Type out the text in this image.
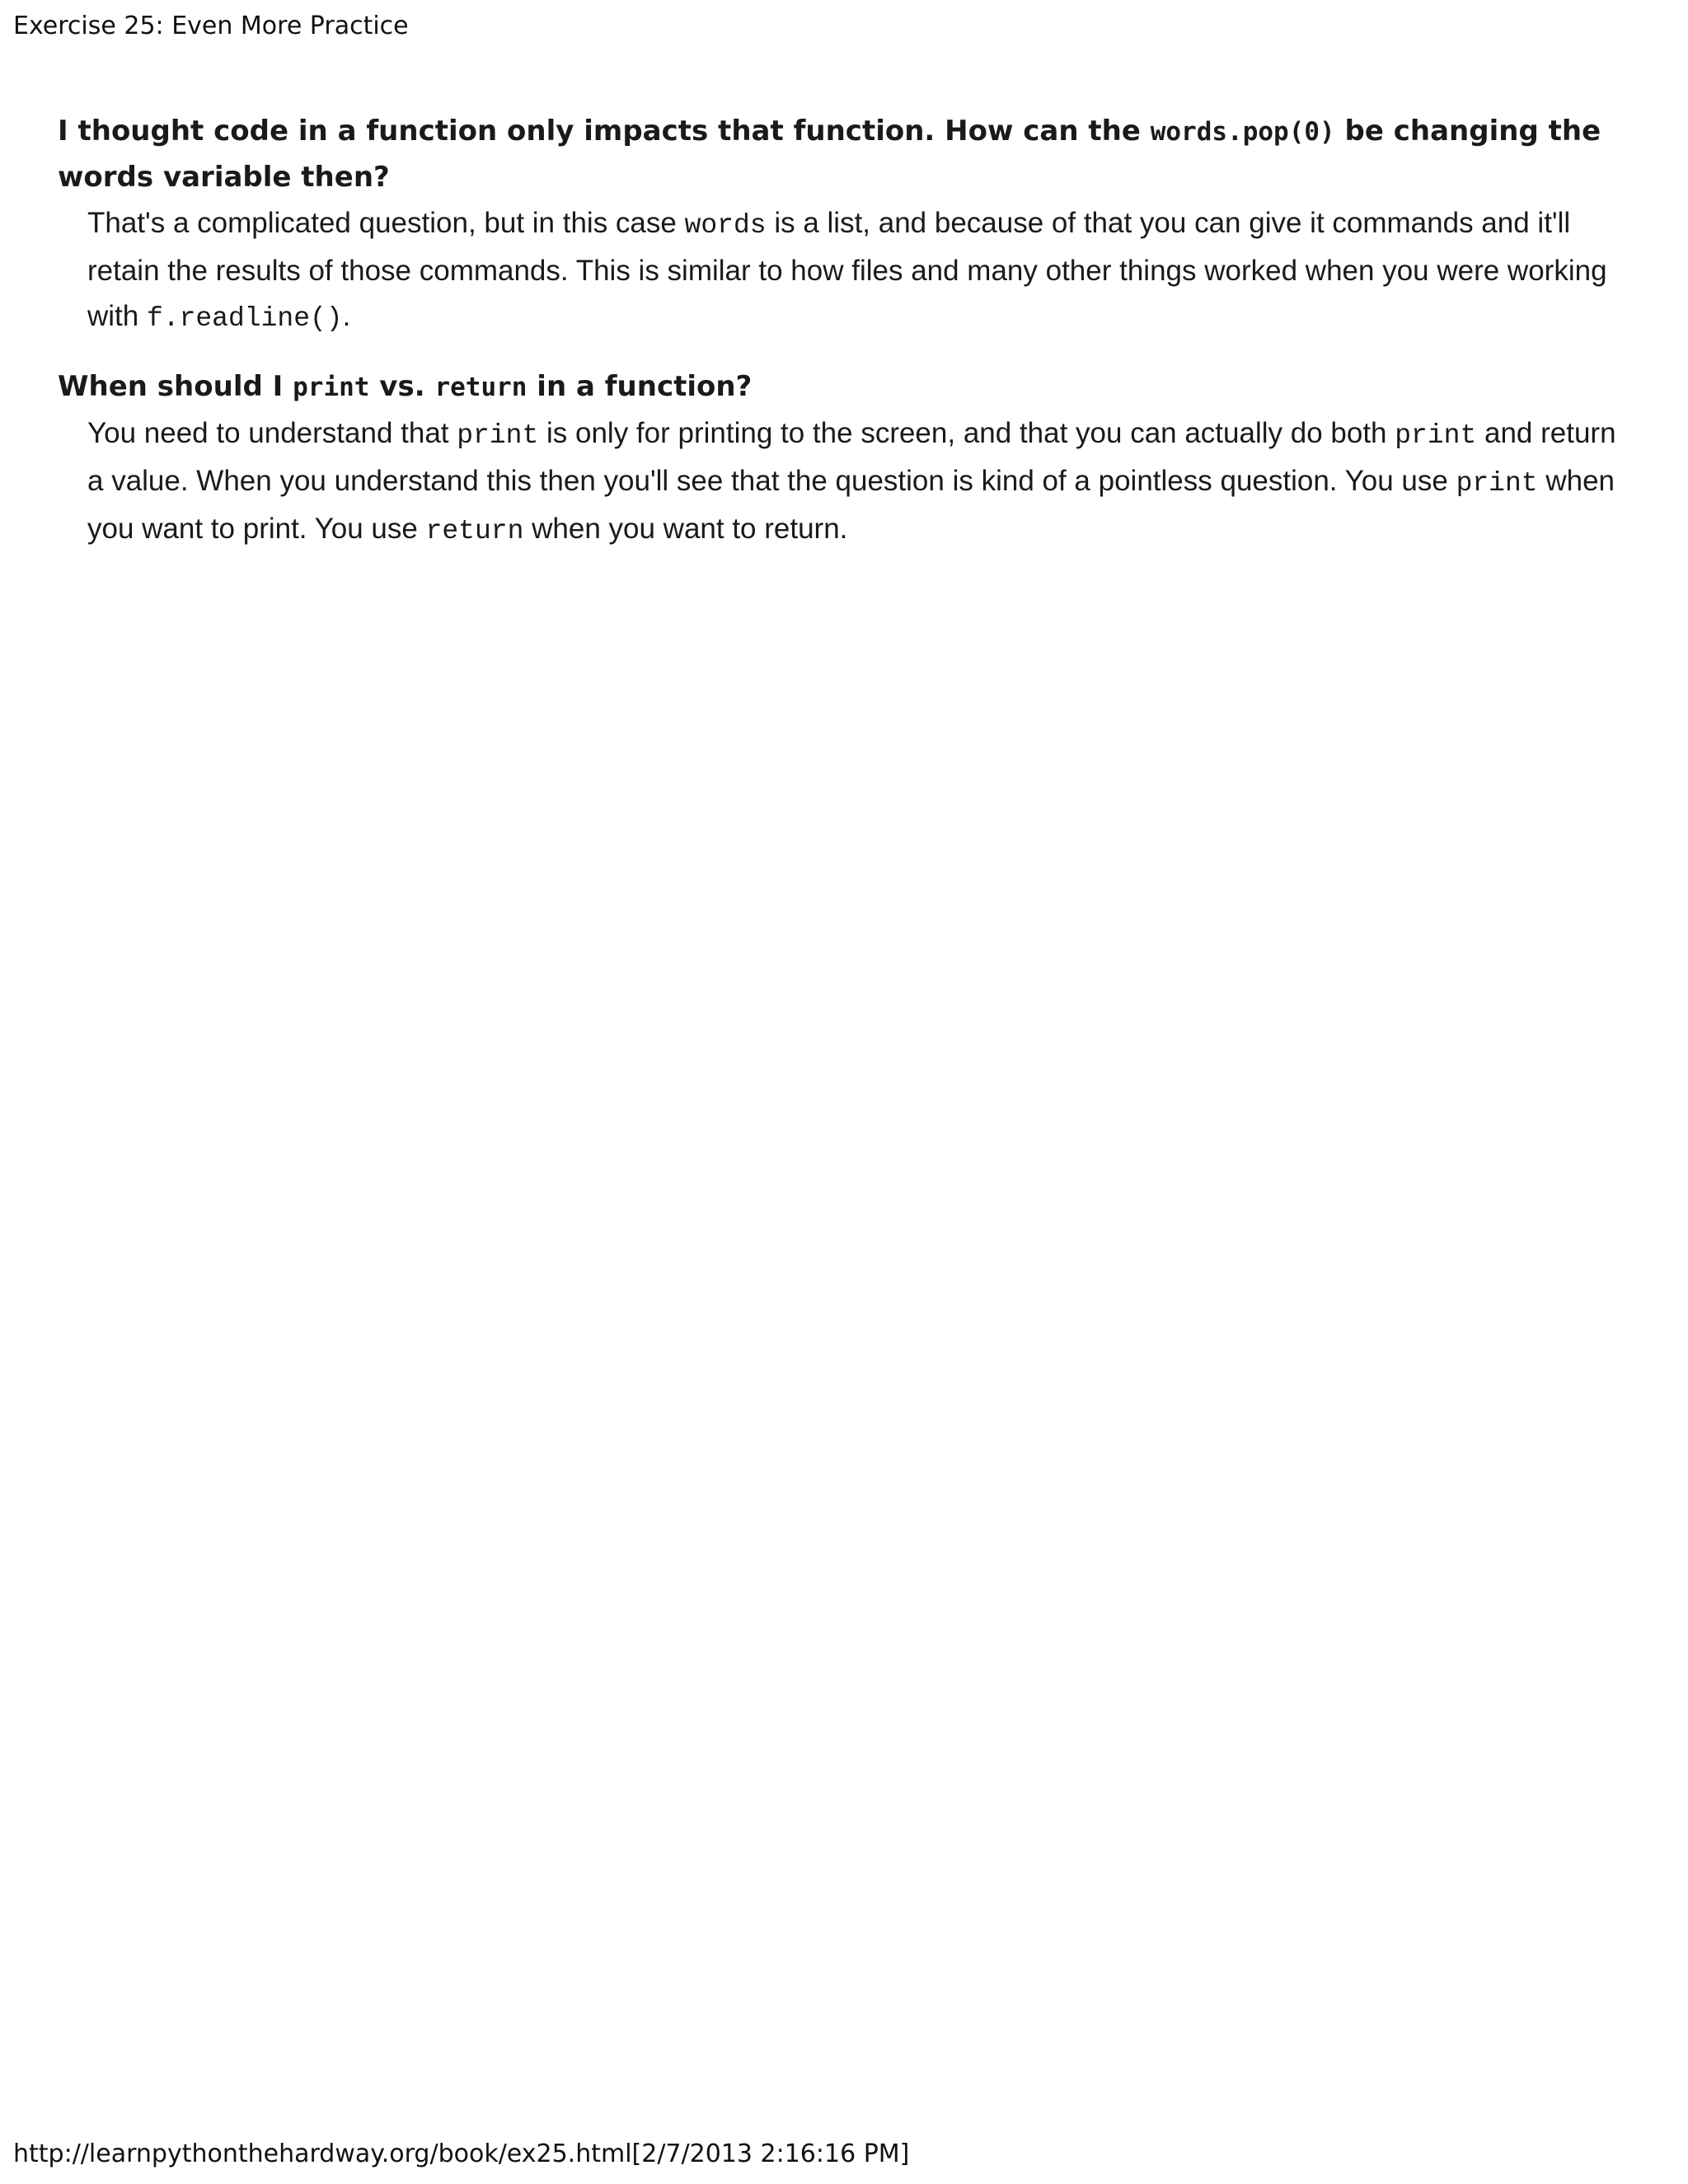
Exercise 25: Even More Practice

I thought code in a function only impacts that function. How can the words.pop(0) be changing the words variable then?

That's a complicated question, but in this case words is a list, and because of that you can give it commands and it'll retain the results of those commands. This is similar to how files and many other things worked when you were working with f.readline().

When should I print vs. return in a function?

You need to understand that print is only for printing to the screen, and that you can actually do both print and return a value. When you understand this then you'll see that the question is kind of a pointless question. You use print when you want to print. You use return when you want to return.

http://learnpythonthehardway.org/book/ex25.html[2/7/2013 2:16:16 PM]
